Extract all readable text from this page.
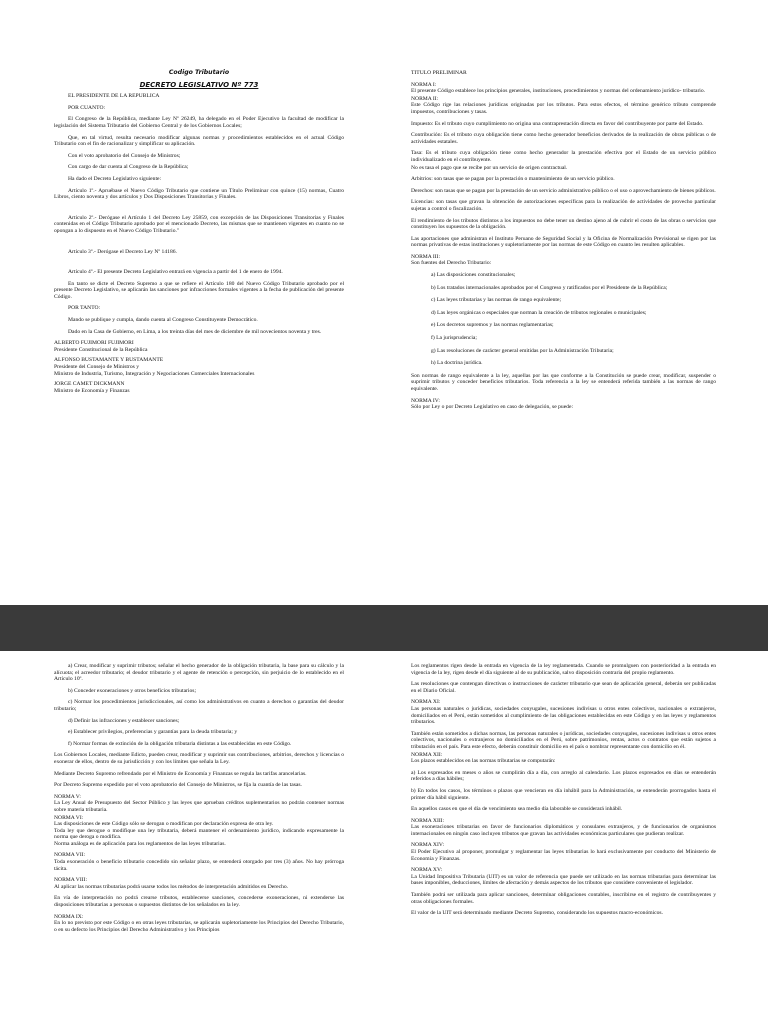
Codigo Tributario

DECRETO LEGISLATIVO Nº 773

EL PRESIDENTE DE LA REPUBLICA

POR CUANTO:

El Congreso de la República, mediante Ley Nº 26249, ha delegado en el Poder Ejecutivo la facultad de modificar la legislación del Sistema Tributario del Gobierno Central y de los Gobiernos Locales;

Que, en tal virtud, resulta necesario modificar algunas normas y procedimientos establecidos en el actual Código Tributario con el fin de racionalizar y simplificar su aplicación.

Con el voto aprobatorio del Consejo de Ministros;

Con cargo de dar cuenta al Congreso de la República;

Ha dado el Decreto Legislativo siguiente:

Artículo 1º.- Apruébase el Nuevo Código Tributario que contiene un Título Preliminar con quince (15) normas, Cuatro Libros, ciento noventa y dos artículos y Dos Disposiciones Transitorias y Finales.

Artículo 2º.- Derógase el Artículo 1 del Decreto Ley 25859, con excepción de las Disposiciones Transitorias y Finales contenidas en el Código Tributario aprobado por el mencionado Decreto, las mismas que se mantienen vigentes en cuanto no se opongan a lo dispuesto en el Nuevo Código Tributario."

Artículo 3º.- Derógase el Decreto Ley Nº 14186.

Artículo 4º.- El presente Decreto Legislativo entrará en vigencia a partir del 1 de enero de 1994.

En tanto se dicte el Decreto Supremo a que se refiere el Artículo 180 del Nuevo Código Tributario aprobado por el presente Decreto Legislativo, se aplicarán las sanciones por infracciones formales vigentes a la fecha de publicación del presente Código.

POR TANTO:

Mando se publique y cumpla, dando cuenta al Congreso Constituyente Democrático.

Dado en la Casa de Gobierno, en Lima, a los treinta días del mes de diciembre de mil novecientos noventa y tres.

ALBERTO FUJIMORI FUJIMORI
Presidente Constitucional de la República
ALFONSO BUSTAMANTE Y BUSTAMANTE
Presidente del Consejo de Ministros y
Ministro de Industria, Turismo, Integración y Negociaciones Comerciales Internacionales
JORGE CAMET DICKMANN
Ministro de Economía y Finanzas

TITULO PRELIMINAR

NORMA I:

El presente Código establece los principios generales, instituciones, procedimientos y normas del ordenamiento jurídico- tributario.

NORMA II:

Este Código rige las relaciones jurídicas originadas por los tributos. Para estos efectos, el término genérico tributo comprende impuestos, contribuciones y tasas.

Impuesto: Es el tributo cuyo cumplimiento no origina una contraprestación directa en favor del contribuyente por parte del Estado.

Contribución: Es el tributo cuya obligación tiene como hecho generador beneficios derivados de la realización de obras públicas o de actividades estatales.

Tasa: Es el tributo cuya obligación tiene como hecho generador la prestación efectiva por el Estado de un servicio público individualizado en el contribuyente.

No es tasa el pago que se recibe por un servicio de origen contractual.

Arbitrios: son tasas que se pagan por la prestación o mantenimiento de un servicio público.

Derechos: son tasas que se pagan por la prestación de un servicio administrativo público o el uso o aprovechamiento de bienes públicos.

Licencias: son tasas que gravan la obtención de autorizaciones específicas para la realización de actividades de provecho particular sujetas a control o fiscalización.

El rendimiento de los tributos distintos a los impuestos no debe tener un destino ajeno al de cubrir el costo de las obras o servicios que constituyen los supuestos de la obligación.

Las aportaciones que administran el Instituto Peruano de Seguridad Social y la Oficina de Normalización Previsional se rigen por las normas privativas de estas instituciones y supletoriamente por las normas de este Código en cuanto les resulten aplicables.

NORMA III:

Son fuentes del Derecho Tributario:

a) Las disposiciones constitucionales;

b) Los tratados internacionales aprobados por el Congreso y ratificados por el Presidente de la República;

c) Las leyes tributarias y las normas de rango equivalente;

d) Las leyes orgánicas o especiales que norman la creación de tributos regionales o municipales;

e) Los decretos supremos y las normas reglamentarias;

f) La jurisprudencia;

g) Las resoluciones de carácter general emitidas por la Administración Tributaria;

h) La doctrina jurídica.

Son normas de rango equivalente a la ley, aquellas por las que conforme a la Constitución se puede crear, modificar, suspender o suprimir tributos y conceder beneficios tributarios. Toda referencia a la ley se entenderá referida también a las normas de rango equivalente.

NORMA IV:

Sólo por Ley o por Decreto Legislativo en caso de delegación, se puede:

a) Crear, modificar y suprimir tributos; señalar el hecho generador de la obligación tributaria, la base para su cálculo y la alícuota; el acreedor tributario; el deudor tributario y el agente de retención o percepción, sin perjuicio de lo establecido en el Artículo 10º.

b) Conceder exoneraciones y otros beneficios tributarios;

c) Normar los procedimientos jurisdiccionales, así como los administrativos en cuanto a derechos o garantías del deudor tributario;

d) Definir las infracciones y establecer sanciones;

e) Establecer privilegios, preferencias y garantías para la deuda tributaria; y

f) Normar formas de extinción de la obligación tributaria distintas a las establecidas en este Código.

Los Gobiernos Locales, mediante Edicto, pueden crear, modificar y suprimir sus contribuciones, arbitrios, derechos y licencias o exonerar de ellos, dentro de su jurisdicción y con los límites que señala la Ley.

Mediante Decreto Supremo refrendado por el Ministro de Economía y Finanzas se regula las tarifas arancelarias.

Por Decreto Supremo expedido por el voto aprobatorio del Consejo de Ministros, se fija la cuantía de las tasas.

NORMA V:

La Ley Anual de Presupuesto del Sector Público y las leyes que aprueban créditos suplementarios no podrán contener normas sobre materia tributaria.

NORMA VI:
Las disposiciones de este Código sólo se derogan o modifican por declaración expresa de otra ley.
Toda ley que derogue o modifique una ley tributaria, deberá mantener el ordenamiento jurídico, indicando expresamente la norma que deroga o modifica.

Norma análoga es de aplicación para los reglamentos de las leyes tributarias.

NORMA VII:

Toda exoneración o beneficio tributario concedido sin señalar plazo, se entenderá otorgado por tres (3) años. No hay prórroga tácita.

NORMA VIII:

Al aplicar las normas tributarias podrá usarse todos los métodos de interpretación admitidos en Derecho.

En vía de interpretación no podrá crearse tributos, establecerse sanciones, concederse exoneraciones, ni extenderse las disposiciones tributarias a personas o supuestos distintos de los señalados en la ley.

NORMA IX:

En lo no previsto por este Código o en otras leyes tributarias, se aplicarán supletoriamente los Principios del Derecho Tributario, o en su defecto los Principios del Derecho Administrativo y los Principios

Los reglamentos rigen desde la entrada en vigencia de la ley reglamentada. Cuando se promulguen con posterioridad a la entrada en vigencia de la ley, rigen desde el día siguiente al de su publicación, salvo disposición contraria del propio reglamento.

Las resoluciones que contengan directivas o instrucciones de carácter tributario que sean de aplicación general, deberán ser publicadas en el Diario Oficial.

NORMA XI:

Las personas naturales o jurídicas, sociedades conyugales, sucesiones indivisas u otros entes colectivos, nacionales o extranjeros, domiciliados en el Perú, están sometidos al cumplimiento de las obligaciones establecidas en este Código y en las leyes y reglamentos tributarios.

También están sometidos a dichas normas, las personas naturales o jurídicas, sociedades conyugales, sucesiones indivisas u otros entes colectivos, nacionales o extranjeros no domiciliados en el Perú, sobre patrimonios, rentas, actos o contratos que están sujetos a tributación en el país. Para este efecto, deberán constituir domicilio en el país o nombrar representante con domicilio en él.

NORMA XII:

Los plazos establecidos en las normas tributarias se computarán:

a) Los expresados en meses o años se cumplirán día a día, con arreglo al calendario. Los plazos expresados en días se entenderán referidos a días hábiles;

b) En todos los casos, los términos o plazos que vencieran en día inhábil para la Administración, se entenderán prorrogados hasta el primer día hábil siguiente.

En aquellos casos en que el día de vencimiento sea medio día laborable se considerará inhábil.

NORMA XIII:

Las exoneraciones tributarias en favor de funcionarios diplomáticos y consulares extranjeros, y de funcionarios de organismos internacionales en ningún caso incluyen tributos que gravan las actividades económicas particulares que pudieran realizar.

NORMA XIV:

El Poder Ejecutivo al proponer, promulgar y reglamentar las leyes tributarias lo hará exclusivamente por conducto del Ministerio de Economía y Finanzas.

NORMA XV:

La Unidad Impositiva Tributaria (UIT) es un valor de referencia que puede ser utilizado en las normas tributarias para determinar las bases imponibles, deducciones, límites de afectación y demás aspectos de los tributos que considere conveniente el legislador.

También podrá ser utilizada para aplicar sanciones, determinar obligaciones contables, inscribirse en el registro de contribuyentes y otras obligaciones formales.

El valor de la UIT será determinado mediante Decreto Supremo, considerando los supuestos macro-económicos.
